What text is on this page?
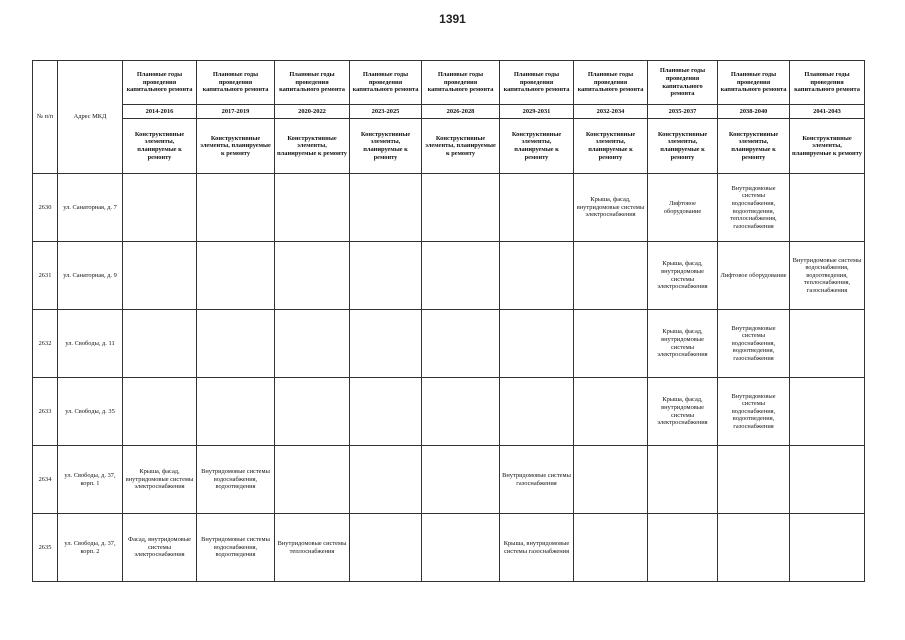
1391
№ п/п	Адрес МКД	Плановые годы проведения капитального ремонта	Плановые годы проведения капитального ремонта	Плановые годы проведения капитального ремонта	Плановые годы проведения капитального ремонта	Плановые годы проведения капитального ремонта	Плановые годы проведения капитального ремонта	Плановые годы проведения капитального ремонта	Плановые годы проведения капитального ремонта	Плановые годы проведения капитального ремонта	Плановые годы проведения капитального ремонта
		2014-2016	2017-2019	2020-2022	2023-2025	2026-2028	2029-2031	2032-2034	2035-2037	2038-2040	2041-2043
		Конструктивные элементы, планируемые к ремонту	Конструктивные элементы, планируемые к ремонту	Конструктивные элементы, планируемые к ремонту	Конструктивные элементы, планируемые к ремонту	Конструктивные элементы, планируемые к ремонту	Конструктивные элементы, планируемые к ремонту	Конструктивные элементы, планируемые к ремонту	Конструктивные элементы, планируемые к ремонту	Конструктивные элементы, планируемые к ремонту	Конструктивные элементы, планируемые к ремонту
2630	ул. Санаторная, д. 7							Крыша, фасад, внутридомовые системы электроснабжения	Лифтовое оборудование	Внутридомовые системы водоснабжения, водоотведения, теплоснабжения, газоснабжения	
2631	ул. Санаторная, д. 9								Крыша, фасад, внутридомовые системы электроснабжения	Лифтовое оборудование	Внутридомовые системы водоснабжения, водоотведения, теплоснабжения, газоснабжения
2632	ул. Свободы, д. 11								Крыша, фасад, внутридомовые системы электроснабжения	Внутридомовые системы водоснабжения, водоотведения, газоснабжения	
2633	ул. Свободы, д. 35								Крыша, фасад, внутридомовые системы электроснабжения	Внутридомовые системы водоснабжения, водоотведения, газоснабжения	
2634	ул. Свободы, д. 37, корп. 1	Крыша, фасад, внутридомовые системы электроснабжения	Внутридомовые системы водоснабжения, водоотведения				Внутридомовые системы газоснабжения				
2635	ул. Свободы, д. 37, корп. 2	Фасад, внутридомовые системы электроснабжения	Внутридомовые системы водоснабжения, водоотведения	Внутридомовые системы теплоснабжения			Крыша, внутридомовые системы газоснабжения				
